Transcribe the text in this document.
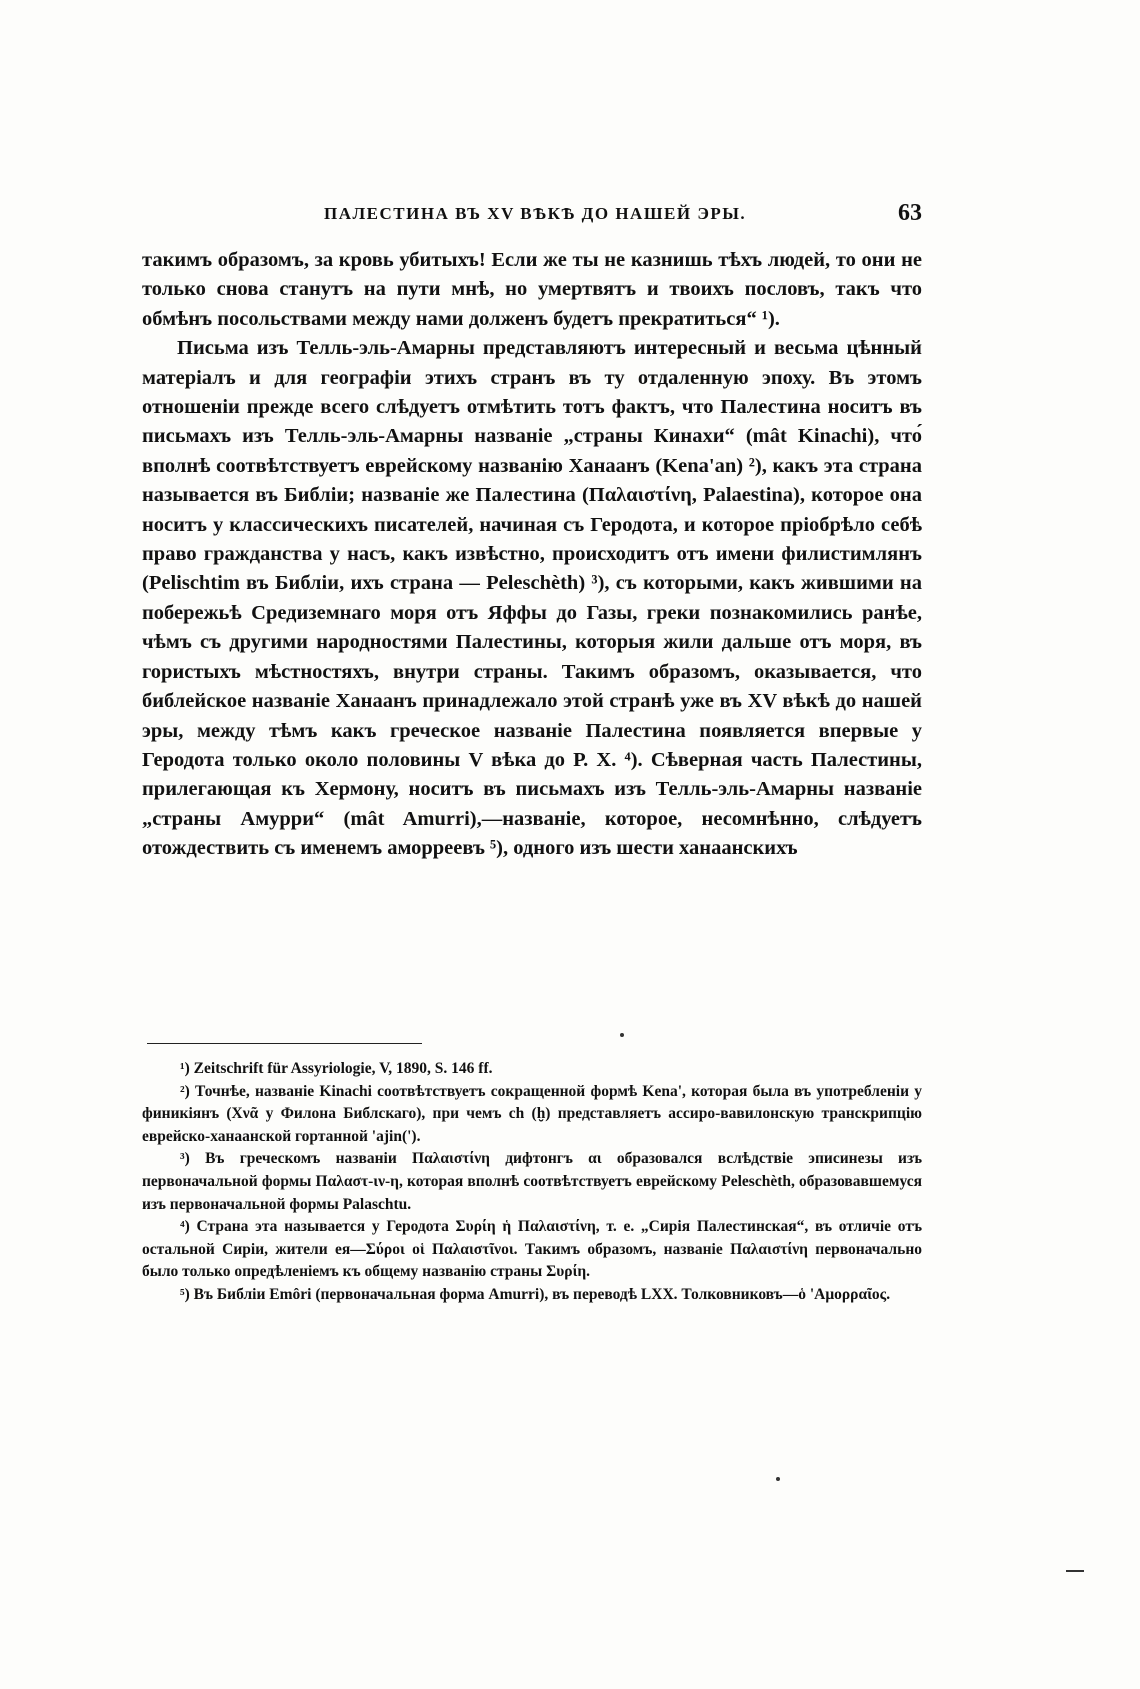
ПАЛЕСТИНА ВЪ XV ВѢКѢ ДО НАШЕЙ ЭРЫ.	63

такимъ образомъ, за кровь убитыхъ! Если же ты не казнишь тѣхъ людей, то они не только снова станутъ на пути мнѣ, но умертвятъ и твоихъ пословъ, такъ что обмѣнъ посольствами между нами долженъ будетъ прекратиться“ ¹).

Письма изъ Телль-эль-Амарны представляютъ интересный и весьма цѣнный матеріалъ и для географіи этихъ странъ въ ту отдаленную эпоху. Въ этомъ отношеніи прежде всего слѣдуетъ отмѣтить тотъ фактъ, что Палестина носитъ въ письмахъ изъ Телль-эль-Амарны названіе „страны Кинахи“ (mât Kinachi), что́ вполнѣ соотвѣтствуетъ еврейскому названію Ханаанъ (Kena'an) ²), какъ эта страна называется въ Библіи; названіе же Палестина (Παλαιστίνη, Palaestina), которое она носитъ у классическихъ писателей, начиная съ Геродота, и которое пріобрѣло себѣ право гражданства у насъ, какъ извѣстно, происходитъ отъ имени филистимлянъ (Pelischtim въ Библіи, ихъ страна — Peleschèth) ³), съ которыми, какъ жившими на побережьѣ Средиземнаго моря отъ Яффы до Газы, греки познакомились ранѣе, чѣмъ съ другими народностями Палестины, которыя жили дальше отъ моря, въ гористыхъ мѣстностяхъ, внутри страны. Такимъ образомъ, оказывается, что библейское названіе Ханаанъ принадлежало этой странѣ уже въ XV вѣкѣ до нашей эры, между тѣмъ какъ греческое названіе Палестина появляется впервые у Геродота только около половины V вѣка до Р. Х. ⁴). Сѣверная часть Палестины, прилегающая къ Хермону, носитъ въ письмахъ изъ Телль-эль-Амарны названіе „страны Амурри“ (mât Amurri),—названіе, которое, несомнѣнно, слѣдуетъ отождествить съ именемъ аморреевъ ⁵), одного изъ шести ханаанскихъ

¹) Zeitschrift für Assyriologie, V, 1890, S. 146 ff.

²) Точнѣе, названіе Kinachi соотвѣтствуетъ сокращенной формѣ Kena', которая была въ употребленіи у финикіянъ (Χνᾶ у Филона Библскаго), при чемъ ch (ḫ) представляетъ ассиро-вавилонскую транскрипцію еврейско-ханаанской гортанной 'ajin(').

³) Въ греческомъ названіи Παλαιστίνη дифтонгъ αι образовался вслѣдствіе эписинезы изъ первоначальной формы Παλαστ-ιν-η, которая вполнѣ соотвѣтствуетъ еврейскому Peleschèth, образовавшемуся изъ первоначальной формы Palaschtu.

⁴) Страна эта называется у Геродота Συρίη ἡ Παλαιστίνη, т. е. „Сирія Палестинская“, въ отличіе отъ остальной Сиріи, жители ея—Σύροι οἱ Παλαιστῖνοι. Такимъ образомъ, названіе Παλαιστίνη первоначально было только опредѣленіемъ къ общему названію страны Συρίη.

⁵) Въ Библіи Emôri (первоначальная форма Amurri), въ переводѣ LXX. Толковниковъ—ὁ 'Αμορραῖος.
